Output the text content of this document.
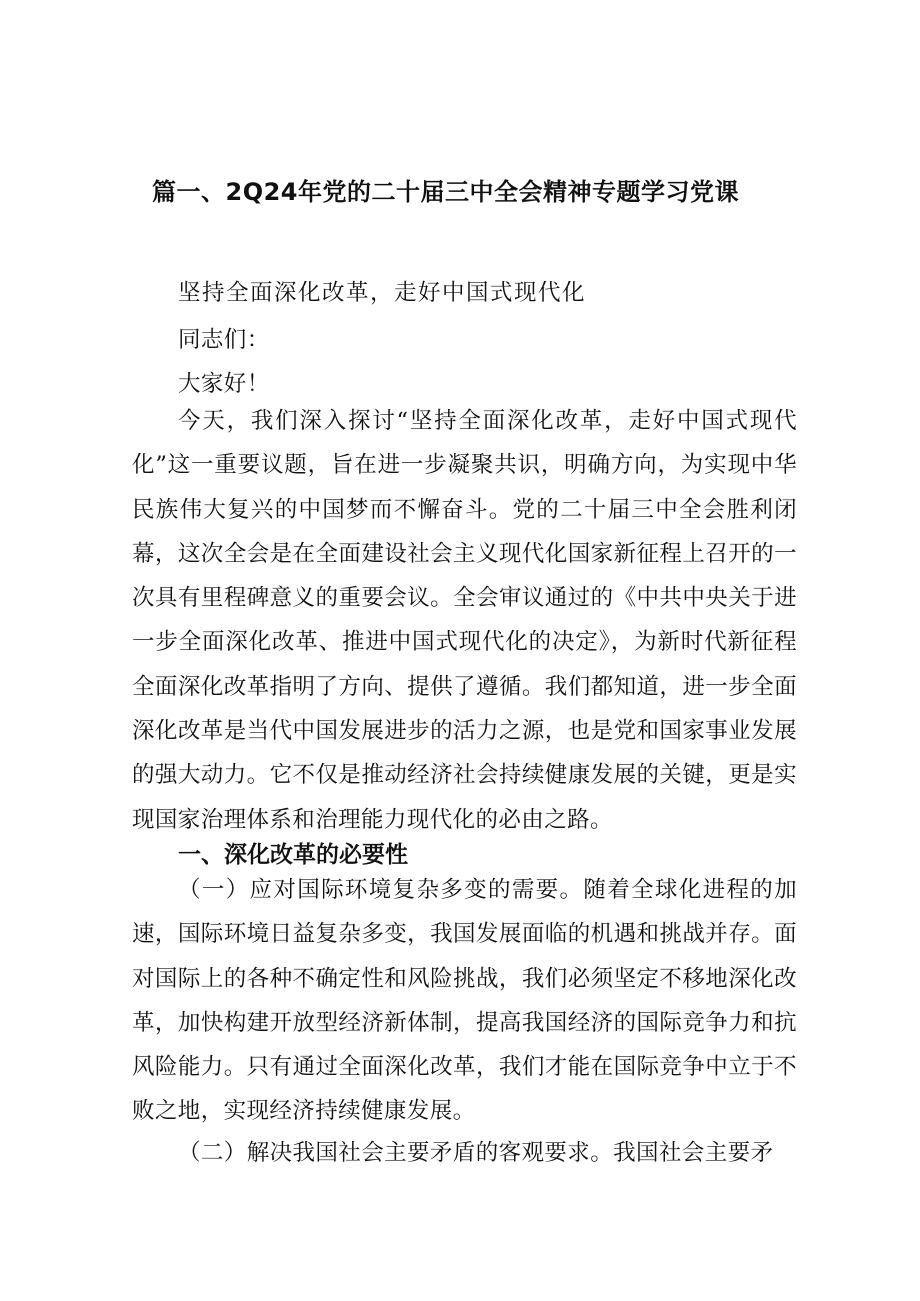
篇一、2Q24年党的二十届三中全会精神专题学习党课

坚持全面深化改革，走好中国式现代化

同志们：

大家好！

今天，我们深入探讨“坚持全面深化改革，走好中国式现代化”这一重要议题，旨在进一步凝聚共识，明确方向，为实现中华民族伟大复兴的中国梦而不懈奋斗。党的二十届三中全会胜利闭幕，这次全会是在全面建设社会主义现代化国家新征程上召开的一次具有里程碑意义的重要会议。全会审议通过的《中共中央关于进一步全面深化改革、推进中国式现代化的决定》，为新时代新征程全面深化改革指明了方向、提供了遵循。我们都知道，进一步全面深化改革是当代中国发展进步的活力之源，也是党和国家事业发展的强大动力。它不仅是推动经济社会持续健康发展的关键，更是实现国家治理体系和治理能力现代化的必由之路。

一、深化改革的必要性

（一）应对国际环境复杂多变的需要。随着全球化进程的加速，国际环境日益复杂多变，我国发展面临的机遇和挑战并存。面对国际上的各种不确定性和风险挑战，我们必须坚定不移地深化改革，加快构建开放型经济新体制，提高我国经济的国际竞争力和抗风险能力。只有通过全面深化改革，我们才能在国际竞争中立于不败之地，实现经济持续健康发展。

（二）解决我国社会主要矛盾的客观要求。我国社会主要矛
